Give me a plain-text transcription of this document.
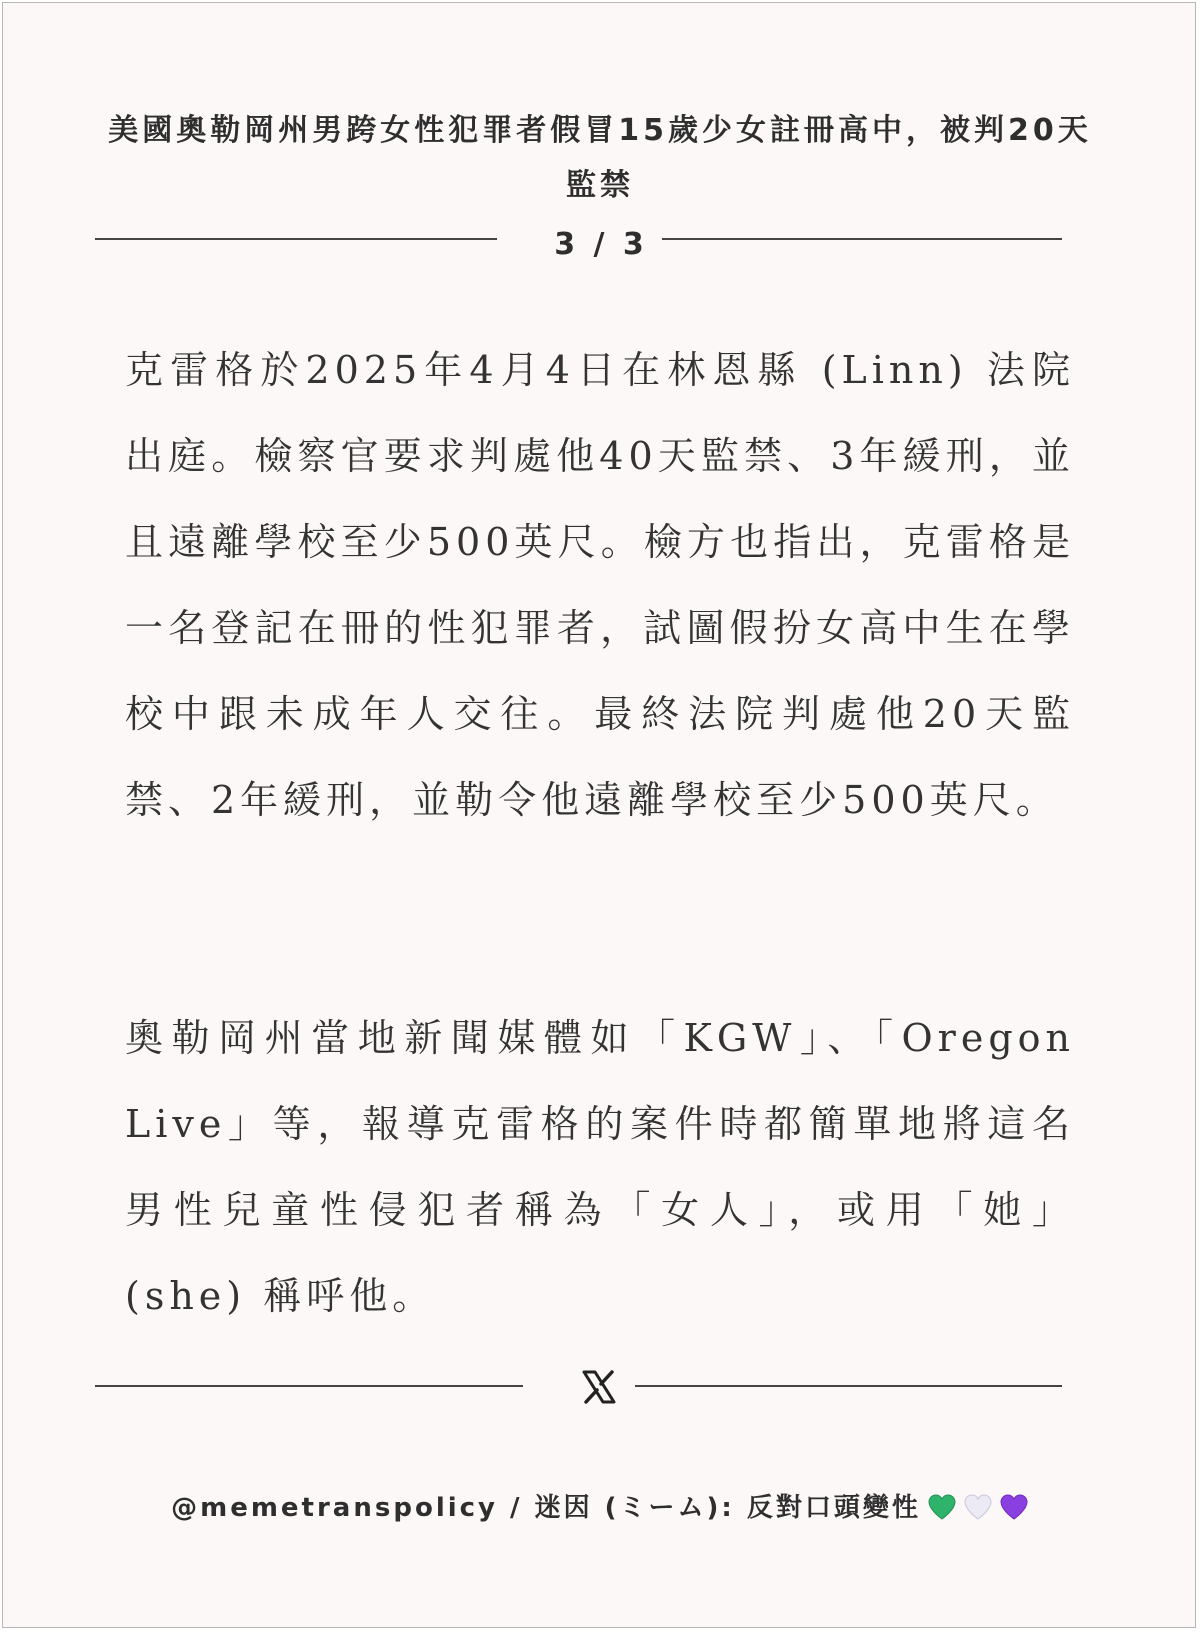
美國奧勒岡州男跨女性犯罪者假冒15歲少女註冊高中，被判20天監禁
3 / 3

克雷格於2025年4月4日在林恩縣 (Linn) 法院出庭。檢察官要求判處他40天監禁、3年緩刑，並且遠離學校至少500英尺。檢方也指出，克雷格是一名登記在冊的性犯罪者，試圖假扮女高中生在學校中跟未成年人交往。最終法院判處他20天監禁、2年緩刑，並勒令他遠離學校至少500英尺。

奧勒岡州當地新聞媒體如「KGW」、「Oregon Live」等，報導克雷格的案件時都簡單地將這名男性兒童性侵犯者稱為「女人」，或用「她」(she) 稱呼他。

@memetranspolicy / 迷因 (ミーム): 反對口頭變性
